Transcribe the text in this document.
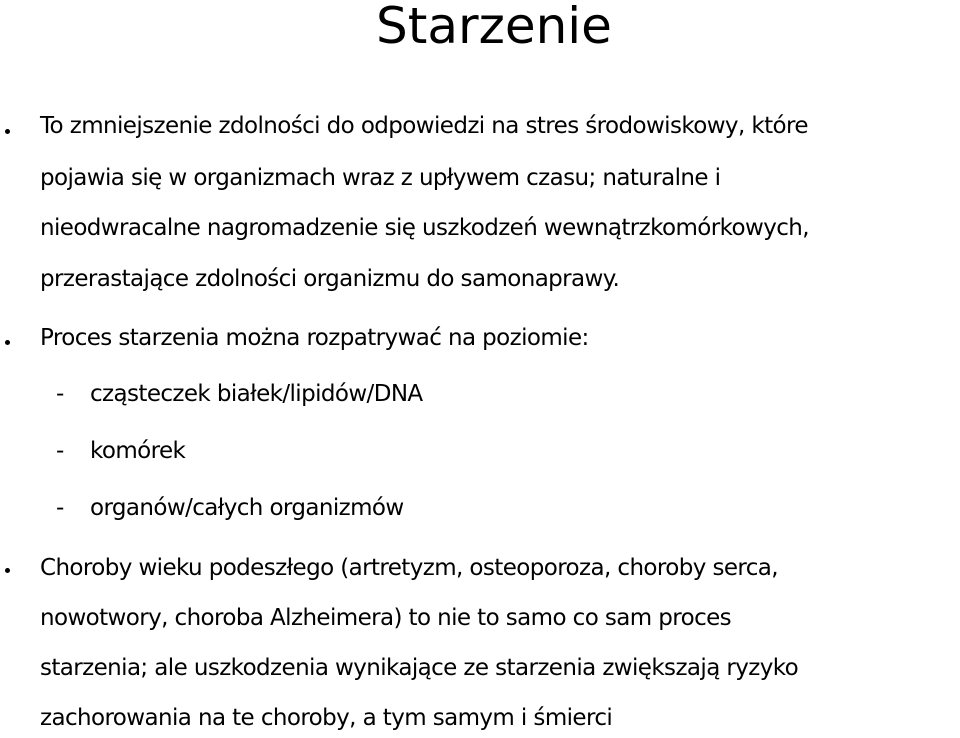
Starzenie
To zmniejszenie zdolności do odpowiedzi na stres środowiskowy, które
pojawia się w organizmach wraz z upływem czasu; naturalne i
nieodwracalne nagromadzenie się uszkodzeń wewnątrzkomórkowych,
przerastające zdolności organizmu do samonaprawy.
Proces starzenia można rozpatrywać na poziomie:
- cząsteczek białek/lipidów/DNA
- komórek
- organów/całych organizmów
Choroby wieku podeszłego (artretyzm, osteoporoza, choroby serca,
nowotwory, choroba Alzheimera) to nie to samo co sam proces
starzenia; ale uszkodzenia wynikające ze starzenia zwiększają ryzyko
zachorowania na te choroby, a tym samym i śmierci
